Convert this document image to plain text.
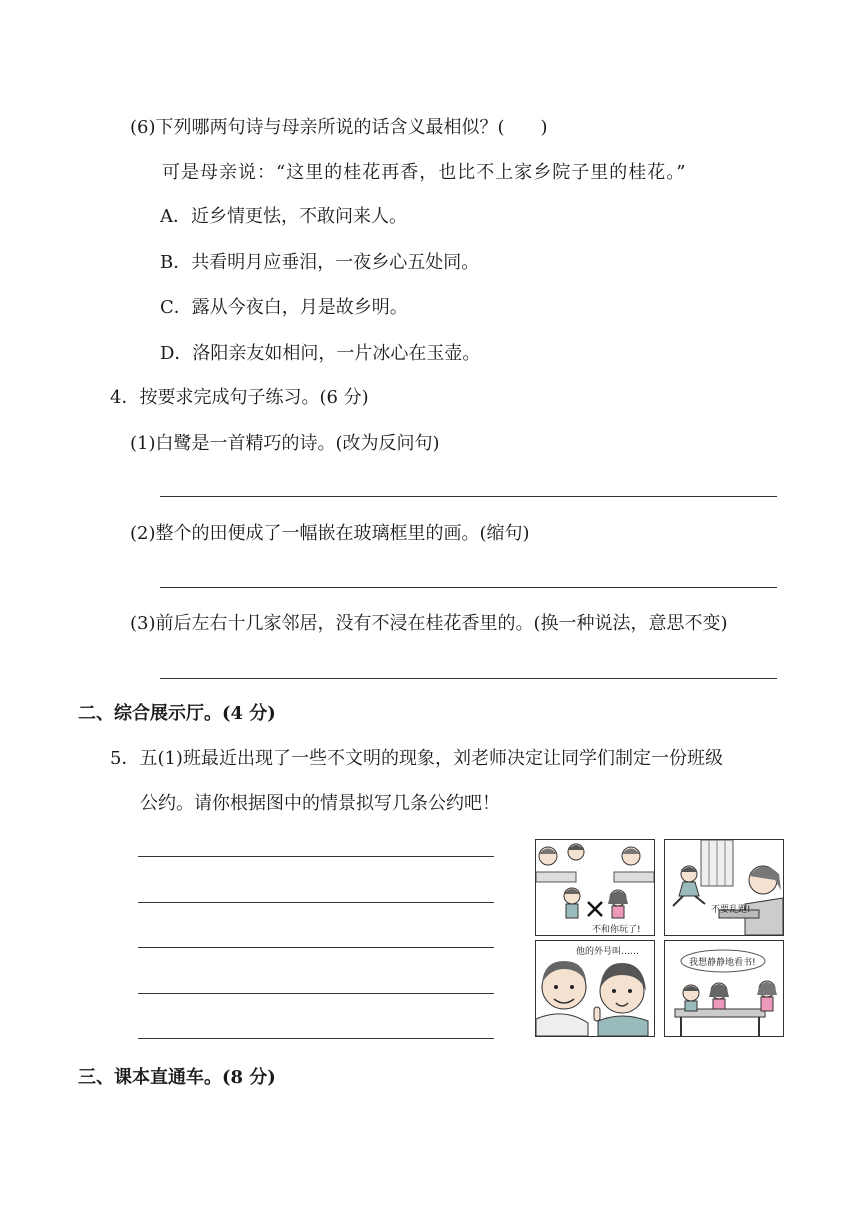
(6)下列哪两句诗与母亲所说的话含义最相似？(　　)
可是母亲说：“这里的桂花再香，也比不上家乡院子里的桂花。”
A．近乡情更怯，不敢问来人。
B．共看明月应垂泪，一夜乡心五处同。
C．露从今夜白，月是故乡明。
D．洛阳亲友如相问，一片冰心在玉壶。
4．按要求完成句子练习。(6 分)
(1)白鹭是一首精巧的诗。(改为反问句)
(2)整个的田便成了一幅嵌在玻璃框里的画。(缩句)
(3)前后左右十几家邻居，没有不浸在桂花香里的。(换一种说法，意思不变)
二、综合展示厅。(4 分)
5．五(1)班最近出现了一些不文明的现象，刘老师决定让同学们制定一份班级
公约。请你根据图中的情景拟写几条公约吧！
不和你玩了!
不要乱跑!
他的外号叫……
我想静静地看书!
三、课本直通车。(8 分)
